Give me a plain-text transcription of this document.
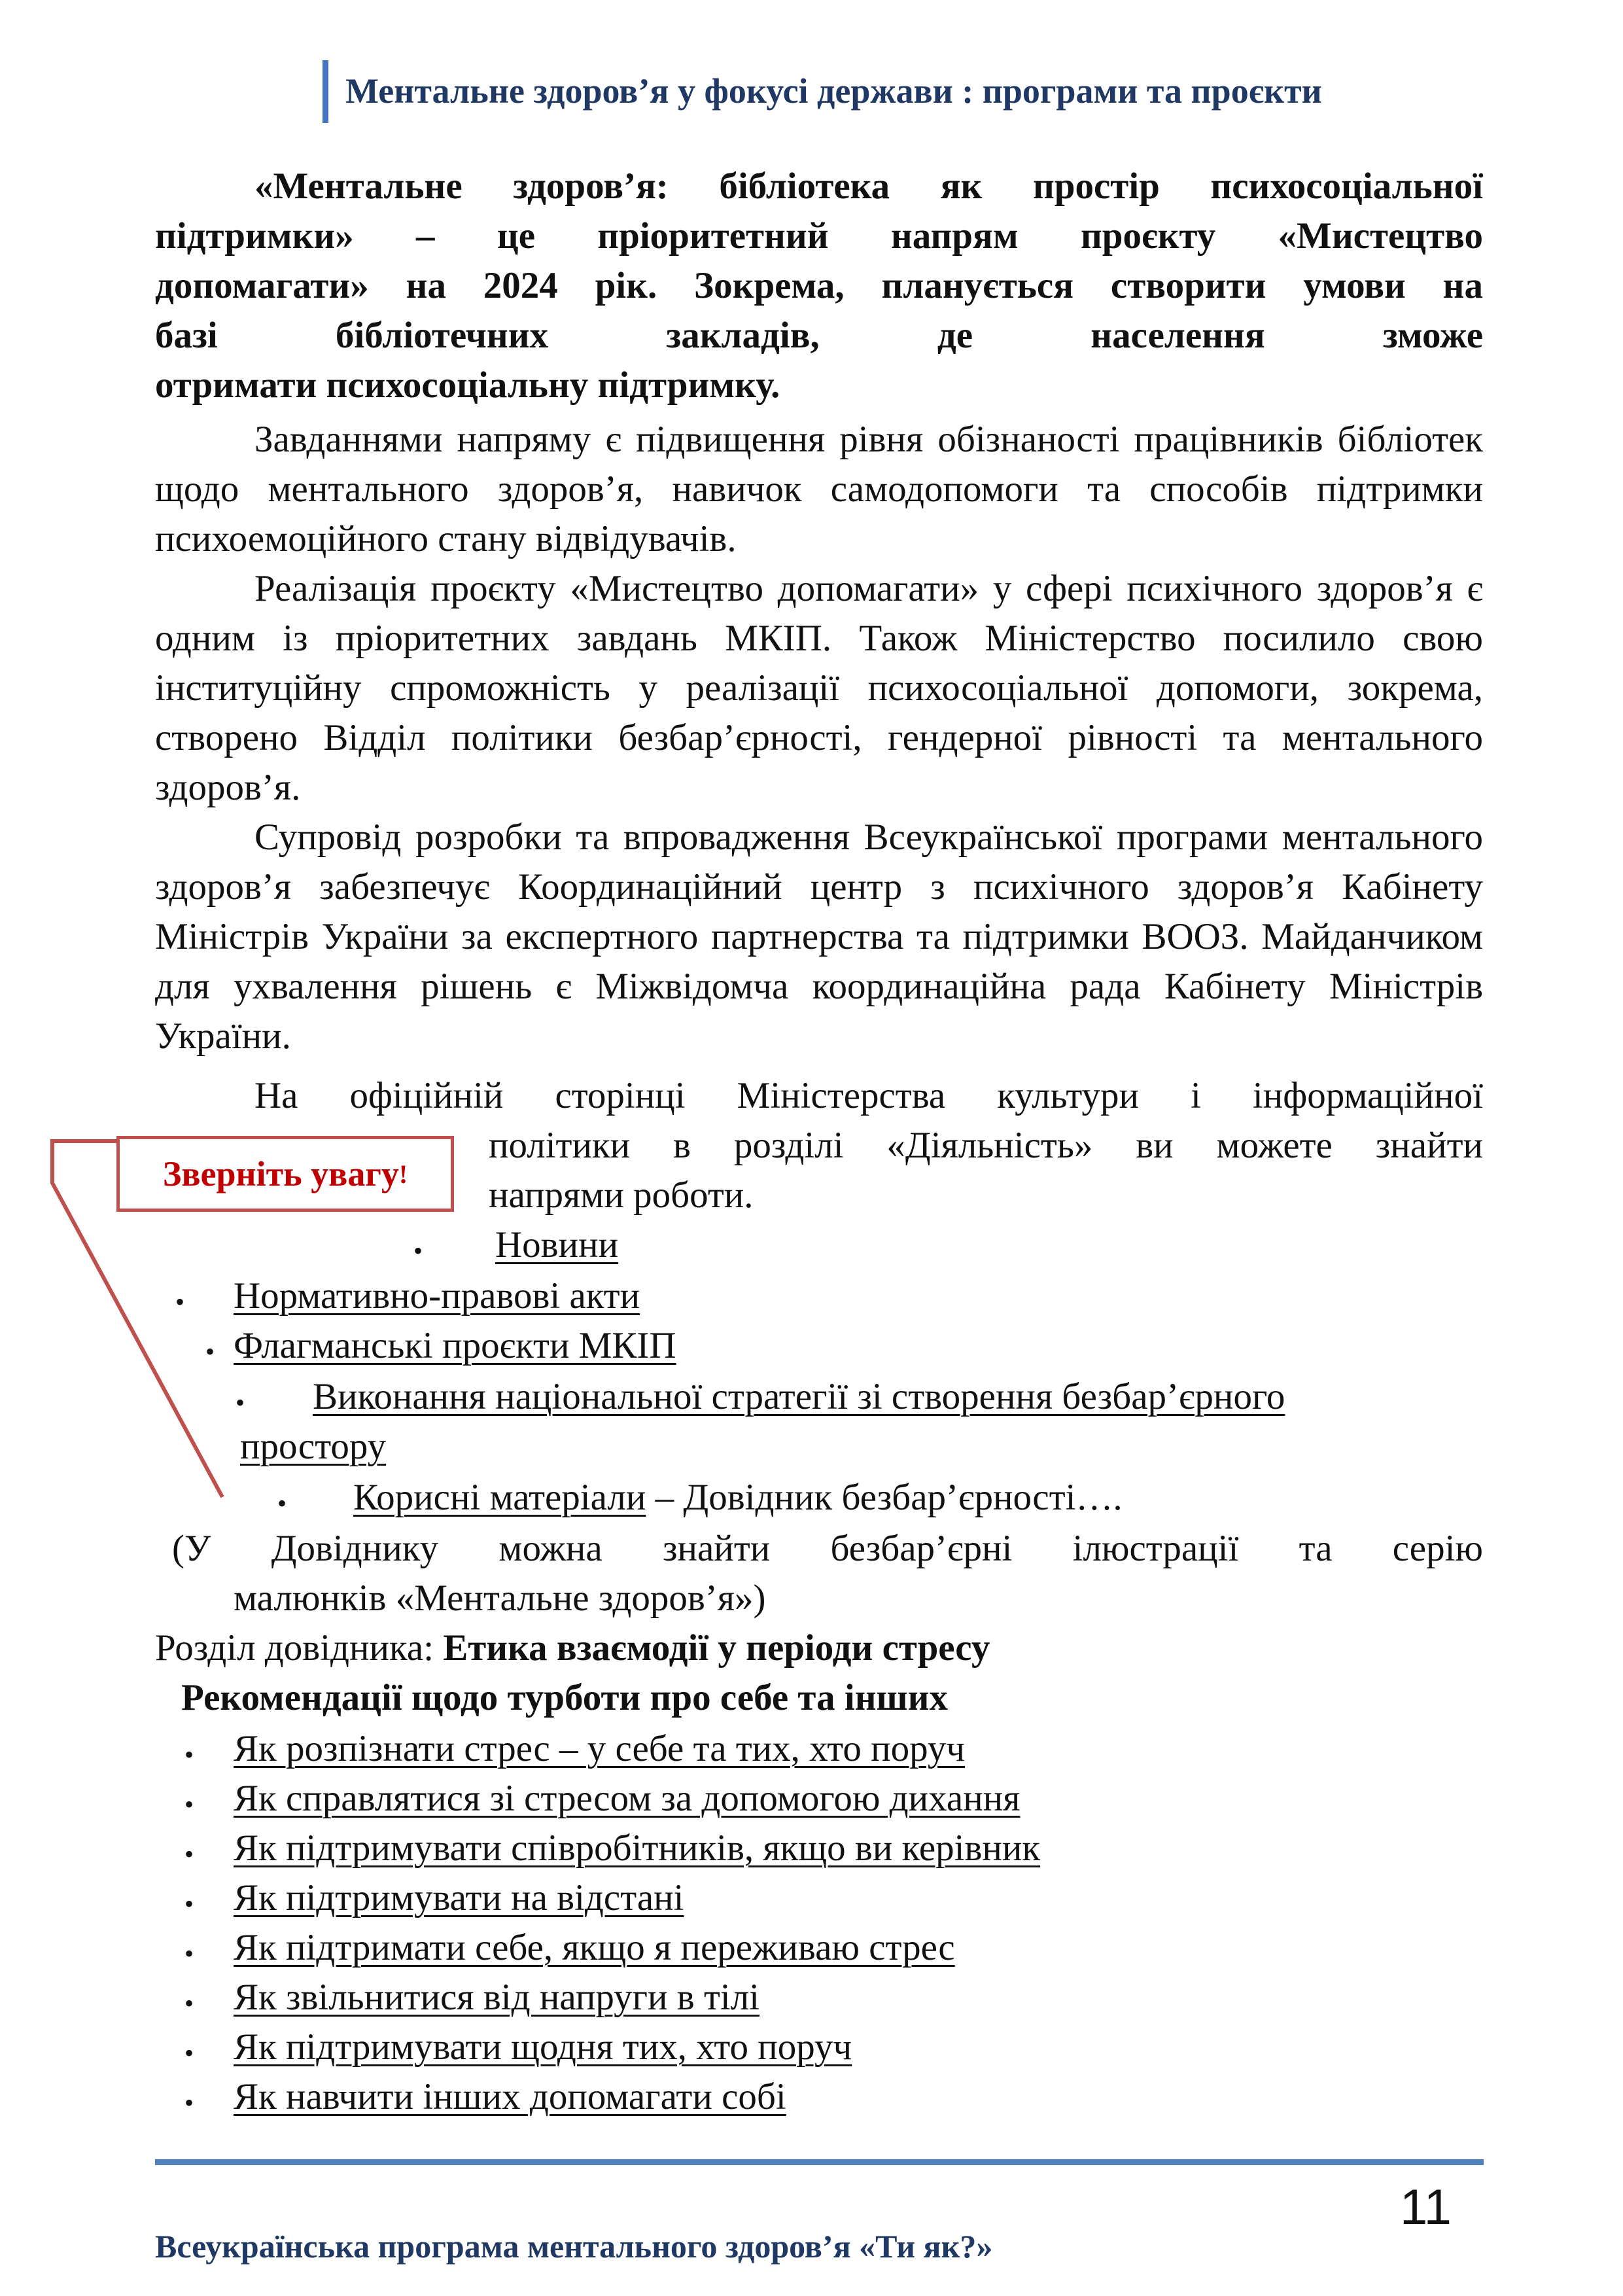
Ментальне здоров’я у фокусі держави : програми та проєкти
«Ментальне здоров’я: бібліотека як простір психосоціальної
підтримки» – це пріоритетний напрям проєкту «Мистецтво
допомагати» на 2024 рік. Зокрема, планується створити умови на
базі бібліотечних закладів, де населення зможе
отримати психосоціальну підтримку.

Завданнями напряму є підвищення рівня обізнаності працівників бібліотек щодо ментального здоров’я, навичок самодопомоги та способів підтримки психоемоційного стану відвідувачів.

Реалізація проєкту «Мистецтво допомагати» у сфері психічного здоров’я є одним із пріоритетних завдань МКІП. Також Міністерство посилило свою інституційну спроможність у реалізації психосоціальної допомоги, зокрема, створено Відділ політики безбар’єрності, гендерної рівності та ментального здоров’я.

Супровід розробки та впровадження Всеукраїнської програми ментального здоров’я забезпечує Координаційний центр з психічного здоров’я Кабінету Міністрів України за експертного партнерства та підтримки ВООЗ. Майданчиком для ухвалення рішень є Міжвідомча координаційна рада Кабінету Міністрів України.

На офіційній сторінці Міністерства культури і інформаційної
політики в розділі «Діяльність» ви можете знайти
напрями роботи.
Зверніть увагу !
• Новини
• Нормативно-правові акти
• Флагманські проєкти МКІП
• Виконання національної стратегії зі створення безбар’єрного
простору
• Корисні матеріали – Довідник безбар’єрності….
(У Довіднику можна знайти безбар’єрні ілюстрації та серію
малюнків «Ментальне здоров’я»)
Розділ довідника: Етика взаємодії у періоди стресу
Рекомендації щодо турботи про себе та інших
• Як розпізнати стрес – у себе та тих, хто поруч
• Як справлятися зі стресом за допомогою дихання
• Як підтримувати співробітників, якщо ви керівник
• Як підтримувати на відстані
• Як підтримати себе, якщо я переживаю стрес
• Як звільнитися від напруги в тілі
• Як підтримувати щодня тих, хто поруч
• Як навчити інших допомагати собі
11
Всеукраїнська програма ментального здоров’я «Ти як?»
